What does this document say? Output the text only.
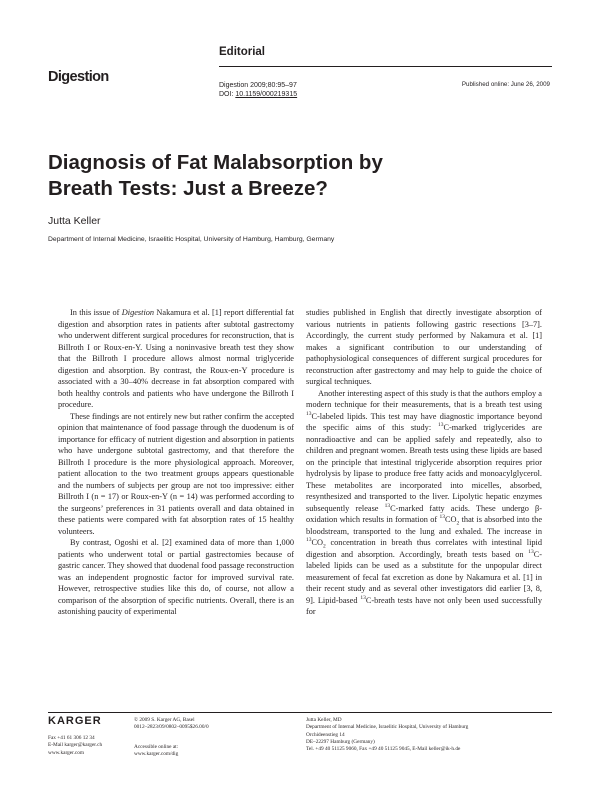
Editorial
Digestion
Digestion 2009;80:95–97
DOI: 10.1159/000219315
Published online: June 26, 2009
Diagnosis of Fat Malabsorption by Breath Tests: Just a Breeze?
Jutta Keller
Department of Internal Medicine, Israelitic Hospital, University of Hamburg, Hamburg, Germany

In this issue of Digestion Nakamura et al. [1] report differential fat digestion and absorption rates in patients after subtotal gastrectomy who underwent different surgical procedures for reconstruction, that is Billroth I or Roux-en-Y. Using a noninvasive breath test they show that the Billroth I procedure allows almost normal triglyceride digestion and absorption. By contrast, the Roux-en-Y procedure is associated with a 30–40% decrease in fat absorption compared with both healthy controls and patients who have undergone the Billroth I procedure.

These findings are not entirely new but rather confirm the accepted opinion that maintenance of food passage through the duodenum is of importance for efficacy of nutrient digestion and absorption in patients who have undergone subtotal gastrectomy, and that therefore the Billroth I procedure is the more physiological approach. Moreover, patient allocation to the two treatment groups appears questionable and the numbers of subjects per group are not too impressive: either Billroth I (n = 17) or Roux-en-Y (n = 14) was performed according to the surgeons’ preferences in 31 patients overall and data obtained in these patients were compared with fat absorption rates of 15 healthy volunteers.

By contrast, Ogoshi et al. [2] examined data of more than 1,000 patients who underwent total or partial gastrectomies because of gastric cancer. They showed that duodenal food passage reconstruction was an independent prognostic factor for improved survival rate. However, retrospective studies like this do, of course, not allow a comparison of the absorption of specific nutrients. Overall, there is an astonishing paucity of experimental

studies published in English that directly investigate absorption of various nutrients in patients following gastric resections [3–7]. Accordingly, the current study performed by Nakamura et al. [1] makes a significant contribution to our understanding of pathophysiological consequences of different surgical procedures for reconstruction after gastrectomy and may help to guide the choice of surgical techniques.

Another interesting aspect of this study is that the authors employ a modern technique for their measurements, that is a breath test using $^{13}$C-labeled lipids. This test may have diagnostic importance beyond the specific aims of this study: $^{13}$C-marked triglycerides are nonradioactive and can be applied safely and repeatedly, also to children and pregnant women. Breath tests using these lipids are based on the principle that intestinal triglyceride absorption requires prior hydrolysis by lipase to produce free fatty acids and monoacylglycerol. These metabolites are incorporated into micelles, absorbed, resynthesized and transported to the liver. Lipolytic hepatic enzymes subsequently release $^{13}$C-marked fatty acids. These undergo β-oxidation which results in formation of $^{13}CO_2$ that is absorbed into the bloodstream, transported to the lung and exhaled. The increase in $^{13}CO_2$ concentration in breath thus correlates with intestinal lipid digestion and absorption. Accordingly, breath tests based on $^{13}$C-labeled lipids can be used as a substitute for the unpopular direct measurement of fecal fat excretion as done by Nakamura et al. [1] in their recent study and as several other investigators did earlier [3, 8, 9]. Lipid-based $^{13}$C-breath tests have not only been used successfully for

KARGER
Fax +41 61 306 12 34
E-Mail karger@karger.ch
www.karger.com
© 2009 S. Karger AG, Basel
0012–2823/09/0802–0095$26.00/0
Accessible online at:
www.karger.com/dig
Jutta Keller, MD
Department of Internal Medicine, Israelitic Hospital, University of Hamburg
Orchideenstieg 14
DE–22297 Hamburg (Germany)
Tel. +49 40 51125 9060, Fax +49 40 51125 9045, E-Mail keller@ik-h.de
